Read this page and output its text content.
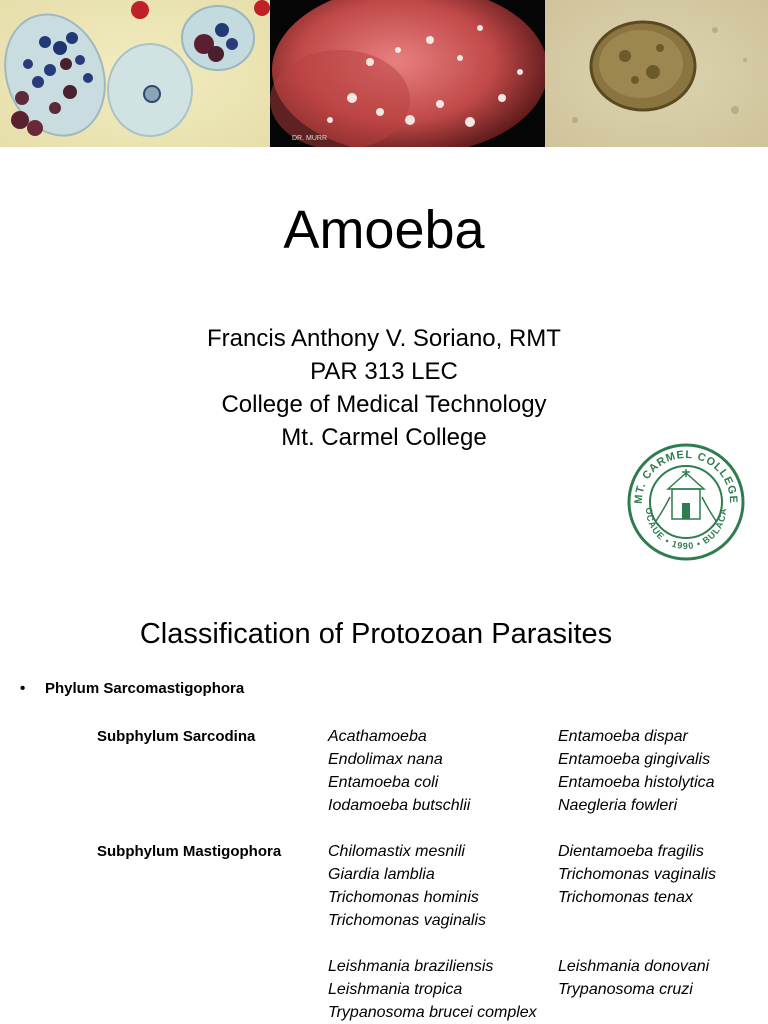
DR. MURR
Amoeba
Francis Anthony V. Soriano, RMT
PAR 313 LEC
College of Medical Technology
Mt. Carmel College
MT. CARMEL COLLEGE
OCAUE • 1990 • BULACA
Classification of Protozoan Parasites
• Phylum Sarcomastigophora
Subphylum Sarcodina	Acathamoeba
Endolimax nana
Entamoeba coli
Iodamoeba butschlii
Entamoeba dispar
Entamoeba gingivalis
Entamoeba histolytica
Naegleria fowleri
Subphylum Mastigophora	Chilomastix mesnili
Giardia lamblia
Trichomonas hominis
Trichomonas vaginalis
Dientamoeba fragilis
Trichomonas vaginalis
Trichomonas tenax
Leishmania braziliensis
Leishmania tropica
Trypanosoma brucei complex
Leishmania donovani
Trypanosoma cruzi
